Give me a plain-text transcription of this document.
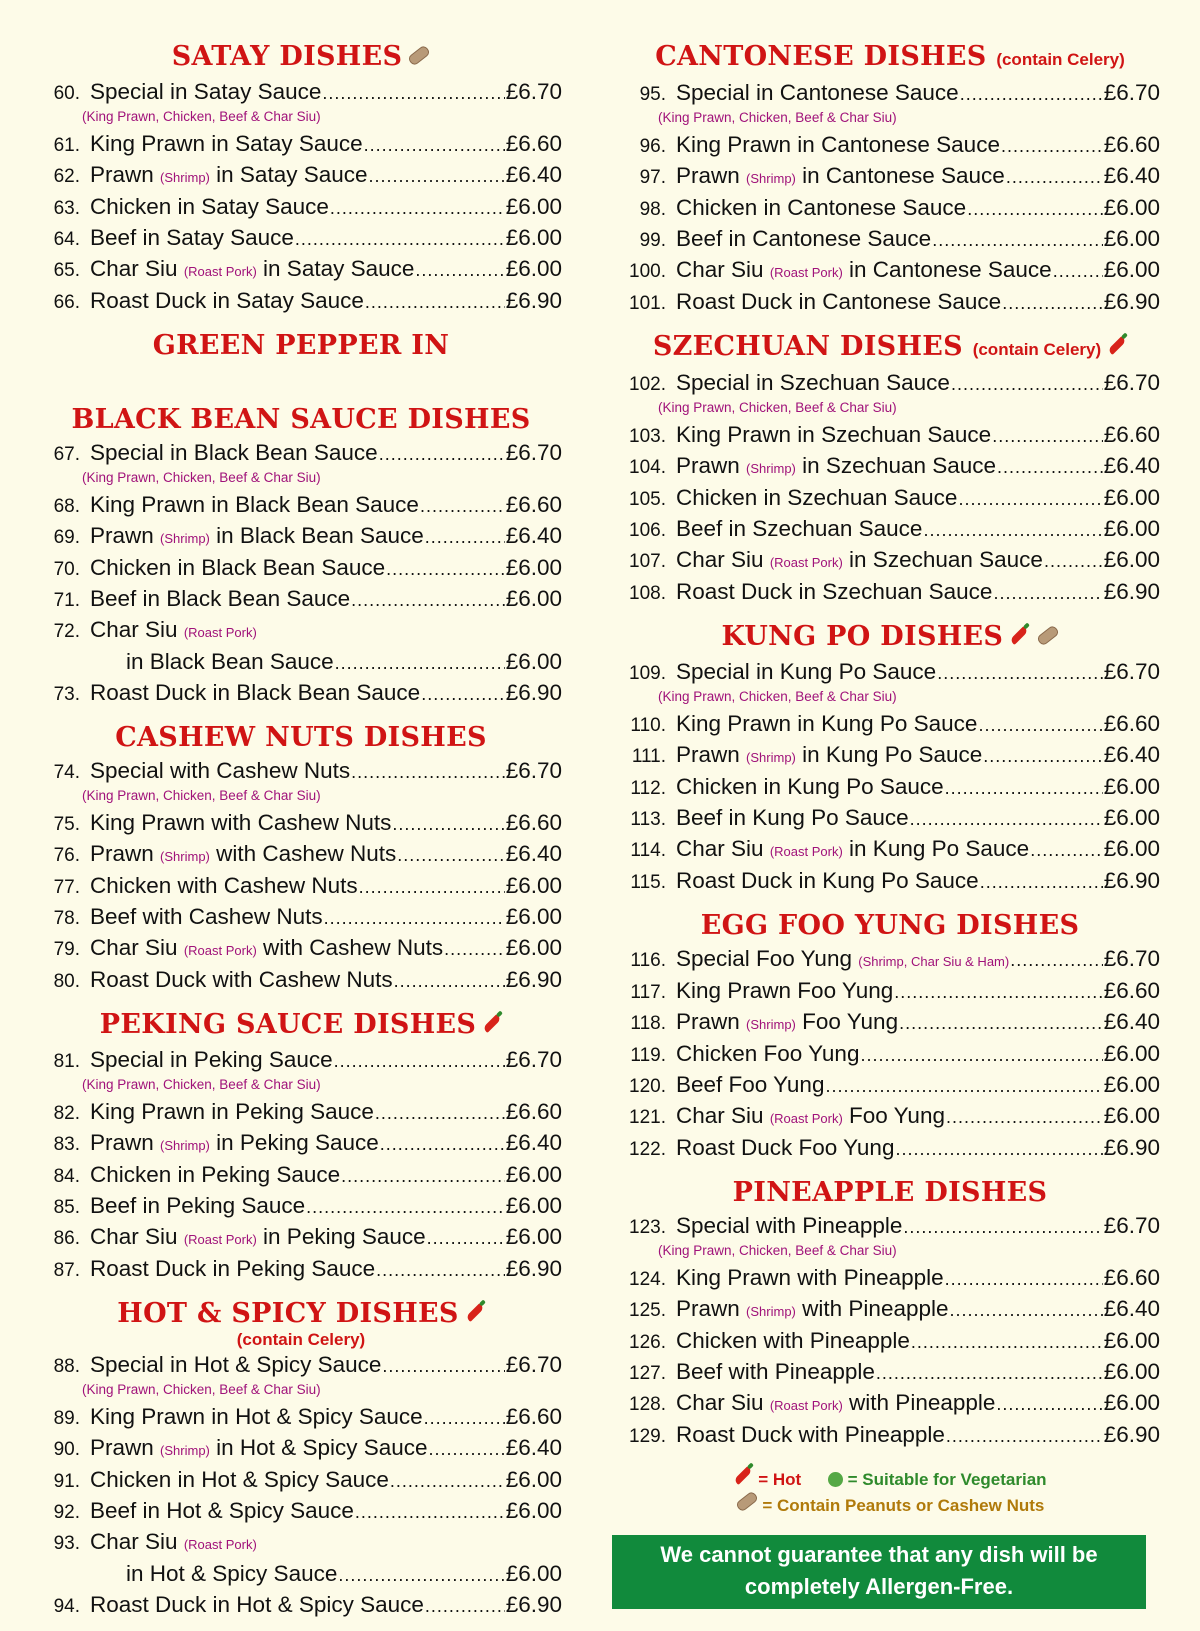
SATAY DISHES
60. Special in Satay Sauce .....	£6.70
(King Prawn, Chicken, Beef & Char Siu)
61. King Prawn in Satay Sauce .....	£6.60
62. Prawn (Shrimp) in Satay Sauce .....	£6.40
63. Chicken in Satay Sauce .....	£6.00
64. Beef in Satay Sauce .....	£6.00
65. Char Siu (Roast Pork) in Satay Sauce .....	£6.00
66. Roast Duck in Satay Sauce .....	£6.90
GREEN PEPPER IN

BLACK BEAN SAUCE DISHES
67. Special in Black Bean Sauce .....	£6.70
(King Prawn, Chicken, Beef & Char Siu)
68. King Prawn in Black Bean Sauce .....	£6.60
69. Prawn (Shrimp) in Black Bean Sauce .....	£6.40
70. Chicken in Black Bean Sauce .....	£6.00
71. Beef in Black Bean Sauce .....	£6.00
72. Char Siu (Roast Pork)
in Black Bean Sauce .....	£6.00
73. Roast Duck in Black Bean Sauce .....	£6.90
CASHEW NUTS DISHES
74. Special with Cashew Nuts .....	£6.70
(King Prawn, Chicken, Beef & Char Siu)
75. King Prawn with Cashew Nuts .....	£6.60
76. Prawn (Shrimp) with Cashew Nuts .....	£6.40
77. Chicken with Cashew Nuts .....	£6.00
78. Beef with Cashew Nuts .....	£6.00
79. Char Siu (Roast Pork) with Cashew Nuts .....	£6.00
80. Roast Duck with Cashew Nuts .....	£6.90
PEKING SAUCE DISHES
81. Special in Peking Sauce .....	£6.70
(King Prawn, Chicken, Beef & Char Siu)
82. King Prawn in Peking Sauce .....	£6.60
83. Prawn (Shrimp) in Peking Sauce .....	£6.40
84. Chicken in Peking Sauce .....	£6.00
85. Beef in Peking Sauce .....	£6.00
86. Char Siu (Roast Pork) in Peking Sauce .....	£6.00
87. Roast Duck in Peking Sauce .....	£6.90
HOT & SPICY DISHES
(contain Celery)
88. Special in Hot & Spicy Sauce .....	£6.70
(King Prawn, Chicken, Beef & Char Siu)
89. King Prawn in Hot & Spicy Sauce .....	£6.60
90. Prawn (Shrimp) in Hot & Spicy Sauce .....	£6.40
91. Chicken in Hot & Spicy Sauce .....	£6.00
92. Beef in Hot & Spicy Sauce .....	£6.00
93. Char Siu (Roast Pork)
in Hot & Spicy Sauce .....	£6.00
94. Roast Duck in Hot & Spicy Sauce .....	£6.90
CANTONESE DISHES (contain Celery)
95. Special in Cantonese Sauce .....	£6.70
(King Prawn, Chicken, Beef & Char Siu)
96. King Prawn in Cantonese Sauce .....	£6.60
97. Prawn (Shrimp) in Cantonese Sauce .....	£6.40
98. Chicken in Cantonese Sauce .....	£6.00
99. Beef in Cantonese Sauce .....	£6.00
100. Char Siu (Roast Pork) in Cantonese Sauce ..... £6.00
101. Roast Duck in Cantonese Sauce .....	£6.90
SZECHUAN DISHES (contain Celery)
102. Special in Szechuan Sauce .....	£6.70
(King Prawn, Chicken, Beef & Char Siu)
103. King Prawn in Szechuan Sauce .....	£6.60
104. Prawn (Shrimp) in Szechuan Sauce .....	£6.40
105. Chicken in Szechuan Sauce .....	£6.00
106. Beef in Szechuan Sauce .....	£6.00
107. Char Siu (Roast Pork) in Szechuan Sauce .....	£6.00
108. Roast Duck in Szechuan Sauce .....	£6.90
KUNG PO DISHES
109. Special in Kung Po Sauce .....	£6.70
(King Prawn, Chicken, Beef & Char Siu)
110. King Prawn in Kung Po Sauce .....	£6.60
111. Prawn (Shrimp) in Kung Po Sauce .....	£6.40
112. Chicken in Kung Po Sauce .....	£6.00
113. Beef in Kung Po Sauce .....	£6.00
114. Char Siu (Roast Pork) in Kung Po Sauce .....	£6.00
115. Roast Duck in Kung Po Sauce .....	£6.90
EGG FOO YUNG DISHES
116. Special Foo Yung (Shrimp, Char Siu & Ham) .....	£6.70
117. King Prawn Foo Yung .....	£6.60
118. Prawn (Shrimp) Foo Yung .....	£6.40
119. Chicken Foo Yung .....	£6.00
120. Beef Foo Yung .....	£6.00
121. Char Siu (Roast Pork) Foo Yung .....	£6.00
122. Roast Duck Foo Yung .....	£6.90
PINEAPPLE DISHES
123. Special with Pineapple .....	£6.70
(King Prawn, Chicken, Beef & Char Siu)
124. King Prawn with Pineapple .....	£6.60
125. Prawn (Shrimp) with Pineapple .....	£6.40
126. Chicken with Pineapple .....	£6.00
127. Beef with Pineapple .....	£6.00
128. Char Siu (Roast Pork) with Pineapple .....	£6.00
129. Roast Duck with Pineapple .....	£6.90
= Hot	= Suitable for Vegetarian
= Contain Peanuts or Cashew Nuts
We cannot guarantee that any dish will be
completely Allergen-Free.
